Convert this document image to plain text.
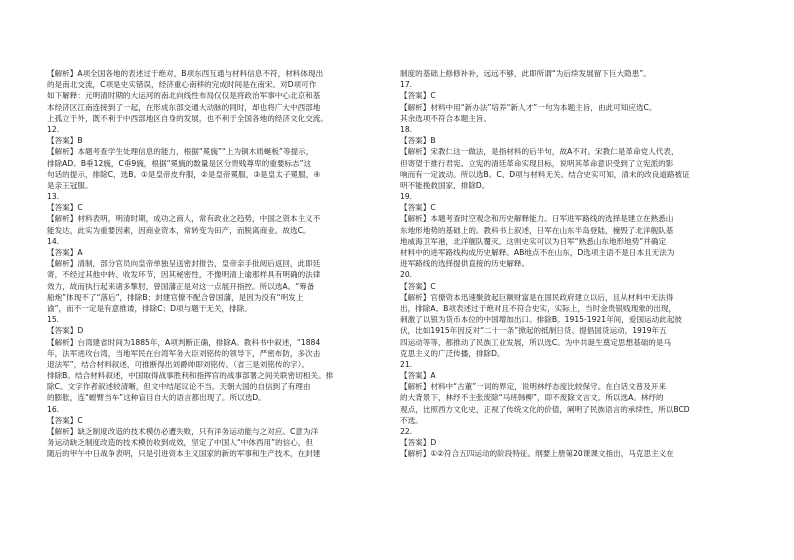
【解析】A项全国各地的表述过于绝对，B项东西互通与材料信息不符，材料体现出
的是南北交流，C项是史实错误，经济重心南移的完成时间是在南宋。对D项可作
如下解释：元明清时期的大运河的南北向线性布局仅仅是将政治军事中心北京和基
本经济区江南连接到了一起，在形成东部交通大动脉的同时，却也将广大中西部地
上孤立于外，既不利于中西部地区自身的发展，也不利于全国各地的经济文化交流。
12.
【答案】B
【解析】本题考查学生处理信息的能力，根据“冕旒”“上为铜木质蜒板”等提示，
排除AD。B垂12旒，C垂9旒，根据“冕旒的数量是区分贵贱尊卑的重要标志”这
句话的提示，排除C，选B。①是皇帝皮弁服，②是皇帝冕服，③是皇太子冕服，④
是亲王冠服。
13.
【答案】C
【解析】材料表明，明清时期，成功之商人，常有政业之趋势，中国之资本主义不
能发达，此实为重要因素，因商业资本，常转变为田产，而脱离商业。故选C。
14.
【答案】A
【解析】清制，部分官员向皇帝单独呈送密封报告，皇帝亲手批阅后返回，此即廷
寄，不经过其他中转、收发环节，因其秘密性，不像明清上谕那样具有明确的法律
效力，故而执行起来诸多掣肘，曾国藩正是对这一点展开指控。所以选A。“筹备
船炮”体现不了“落后”，排除B；封建官僚不配合曾国藩，是因为没有“明发上
谕”，而不一定是有意推诿，排除C；D项与题干无关，排除。
15.
【答案】D
【解析】台湾建省时间为1885年，A项判断正确，排除A。教科书中叙述，“1884
年，法军进攻台湾，当地军民在台湾军务大臣刘铭传的领导下，严密布防，多次击
退法军”，结合材料叙述，可推断得出刘爵帅即刘铭传。（省三是刘铭传的字）。
排除B。结合材料叙述，中国取得战事胜利和指挥官的战事部署之间关联密切相关。排
除C。文字作者叙述较清晰，但文中结尾议论不当。天朝大国的自信到了有理由
的膨胀，连“螳臂当车”这种盲目自大的语言都出现了。所以选D。
16.
【答案】C
【解析】缺乏制度改造的技术模仿必遭失败，只有洋务运动能与之对应。C意为洋
务运动缺乏制度改造的技术模仿收到成效，坚定了中国人“中体西用”的信心，但
随后的甲午中日战争表明，只是引进资本主义国家的新的军事和生产技术，在封建
制度的基础上修修补补，远远不够，此即所谓“为后续发展留下巨大隐患”。
17.
【答案】C
【解析】材料中用“新办法”培养“新人才”一句为本题主旨，由此可知应选C。
其余选项不符合本题主旨。
18.
【答案】B
【解析】宋教仁这一做法，是指材料的后半句，故A不对。宋教仁是革命党人代表，
但寄望于推行君宪、立宪的清廷革命实现目标，说明其革命意识受到了立宪派的影
响而有一定波动。所以选B。C、D项与材料无关。结合史实可知，清末的改良道路被证
明不能挽救国家，排除D。
19.
【答案】C
【解析】本题考查时空观念和历史解释能力。日军进军路线的选择是建立在熟悉山
东地形地势的基础上的。教科书上叙述，日军在山东半岛登陆，撞毁了北洋舰队基
地威海卫军港，北洋舰队覆灭。这则史实可以为日军“熟悉山东地形地势”并确定
材料中的进军路线构成历史解释。AB地点不在山东，D选项主语不是日本且无法为
进军路线的选择提供直接的历史解释。
20.
【答案】C
【解析】官僚资本迅速聚敛起巨额财富是在国民政府建立以后，且从材料中无法得
出，排除A。B项表述过于绝对且不符合史实，实际上，当时金贵银贱现象的出现，
刺激了以银为货币本位的中国增加出口。排除B。1915-1921年间，爱国运动此起彼
伏，比如1915年因反对“二十一条”掀起的抵制日货、提倡国货运动，1919年五
四运动等等，都推动了民族工业发展，所以选C。为中共诞生奠定思想基础的是马
克思主义的广泛传播，排除D。
21.
【答案】A
【解析】材料中“古董”一词的界定，说明林纾态度比较保守。在白话文普及开来
的大背景下，林纾不主张废除“马班韩柳”，即不废除文言文。所以选A。林纾的
观点，比照西方文化史，正视了传统文化的价值，阐明了民族语言的承续性，所以BCD
不选。
22.
【答案】D
【解析】①②符合五四运动的阶段特征。纲要上册第20课课文指出，马克思主义在
